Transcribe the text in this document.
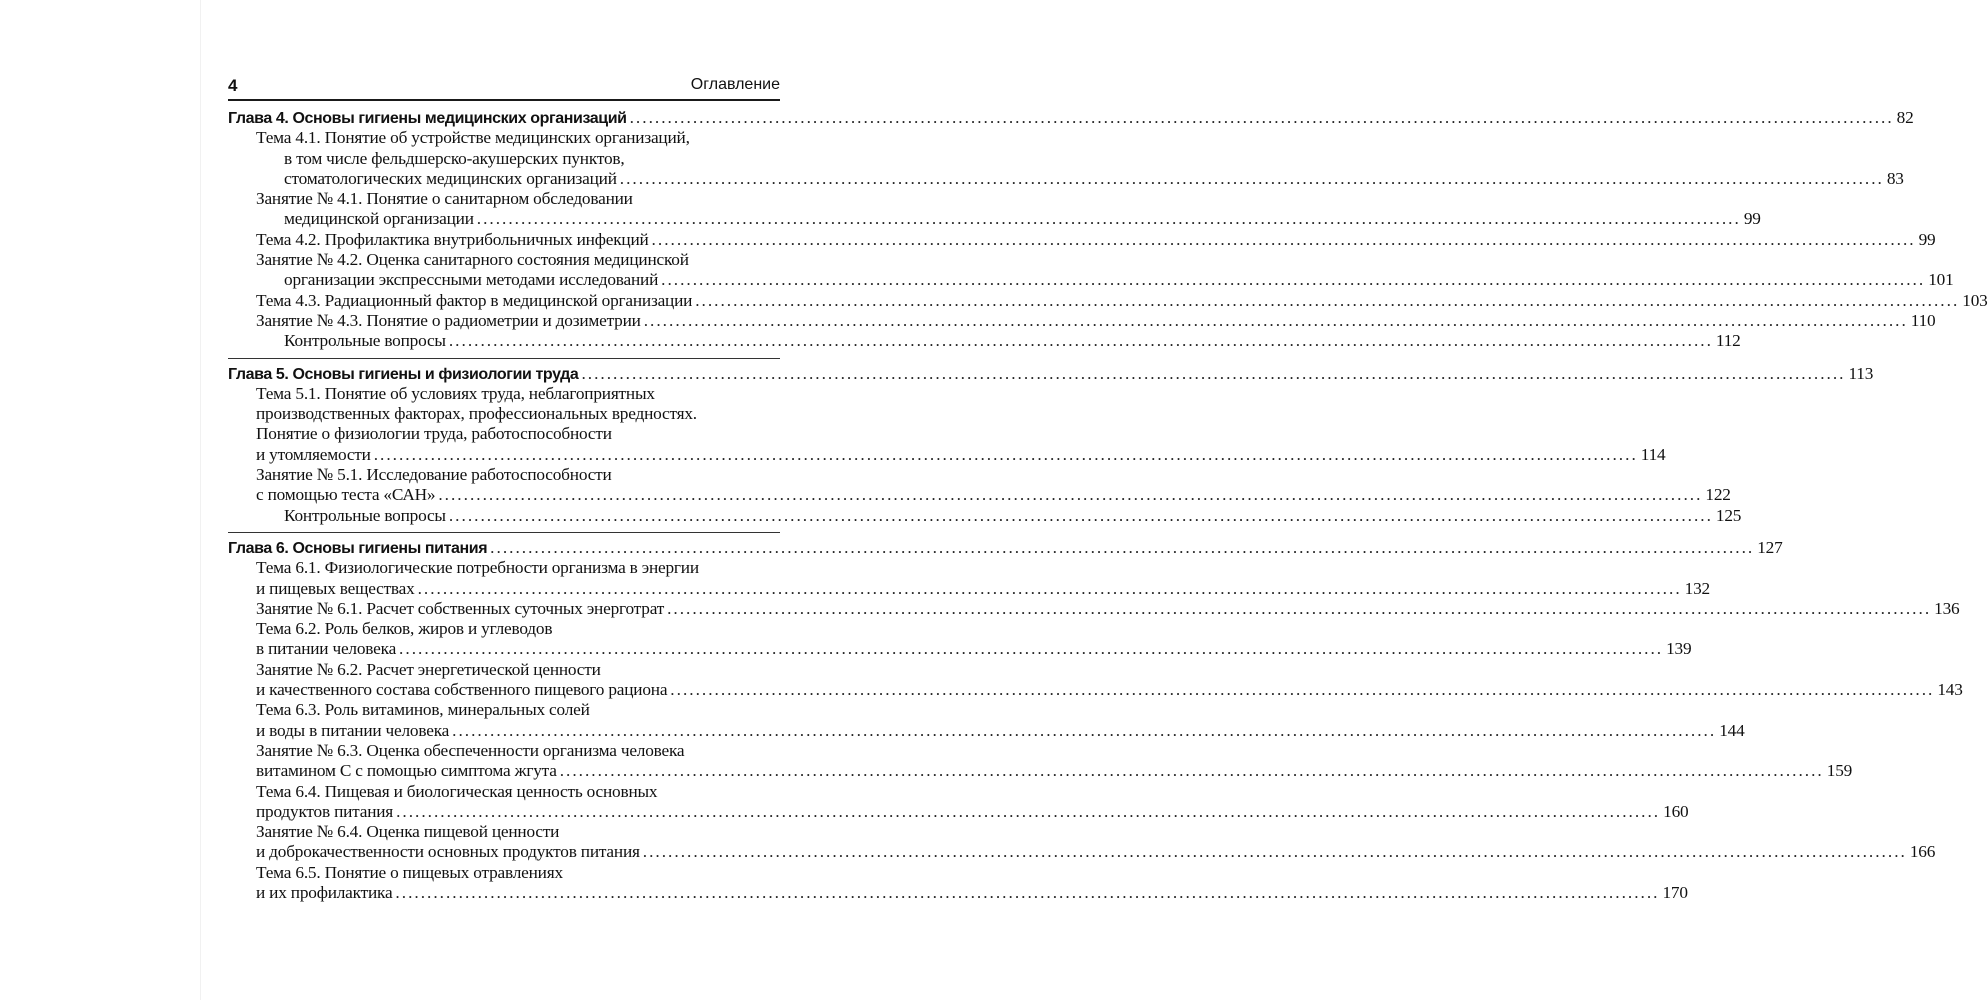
4	Оглавление
Глава 4. Основы гигиены медицинских организаций ........................................................................................................................................................................................................ 82
Тема 4.1. Понятие об устройстве медицинских организаций,
в том числе фельдшерско-акушерских пунктов,
стоматологических медицинских организаций ........................................................................................................................................................................................................ 83
Занятие № 4.1. Понятие о санитарном обследовании
медицинской организации ........................................................................................................................................................................................................ 99
Тема 4.2. Профилактика внутрибольничных инфекций ........................................................................................................................................................................................................ 99
Занятие № 4.2. Оценка санитарного состояния медицинской
организации экспрессными методами исследований ........................................................................................................................................................................................................ 101
Тема 4.3. Радиационный фактор в медицинской организации ........................................................................................................................................................................................................ 103
Занятие № 4.3. Понятие о радиометрии и дозиметрии ........................................................................................................................................................................................................ 110
Контрольные вопросы ........................................................................................................................................................................................................ 112
Глава 5. Основы гигиены и физиологии труда ........................................................................................................................................................................................................ 113
Тема 5.1. Понятие об условиях труда, неблагоприятных
производственных факторах, профессиональных вредностях.
Понятие о физиологии труда, работоспособности
и утомляемости ........................................................................................................................................................................................................ 114
Занятие № 5.1. Исследование работоспособности
с помощью теста «САН» ........................................................................................................................................................................................................ 122
Контрольные вопросы ........................................................................................................................................................................................................ 125
Глава 6. Основы гигиены питания ........................................................................................................................................................................................................ 127
Тема 6.1. Физиологические потребности организма в энергии
и пищевых веществах ........................................................................................................................................................................................................ 132
Занятие № 6.1. Расчет собственных суточных энерготрат ........................................................................................................................................................................................................ 136
Тема 6.2. Роль белков, жиров и углеводов
в питании человека ........................................................................................................................................................................................................ 139
Занятие № 6.2. Расчет энергетической ценности
и качественного состава собственного пищевого рациона ........................................................................................................................................................................................................ 143
Тема 6.3. Роль витаминов, минеральных солей
и воды в питании человека ........................................................................................................................................................................................................ 144
Занятие № 6.3. Оценка обеспеченности организма человека
витамином С с помощью симптома жгута ........................................................................................................................................................................................................ 159
Тема 6.4. Пищевая и биологическая ценность основных
продуктов питания ........................................................................................................................................................................................................ 160
Занятие № 6.4. Оценка пищевой ценности
и доброкачественности основных продуктов питания ........................................................................................................................................................................................................ 166
Тема 6.5. Понятие о пищевых отравлениях
и их профилактика ........................................................................................................................................................................................................ 170
